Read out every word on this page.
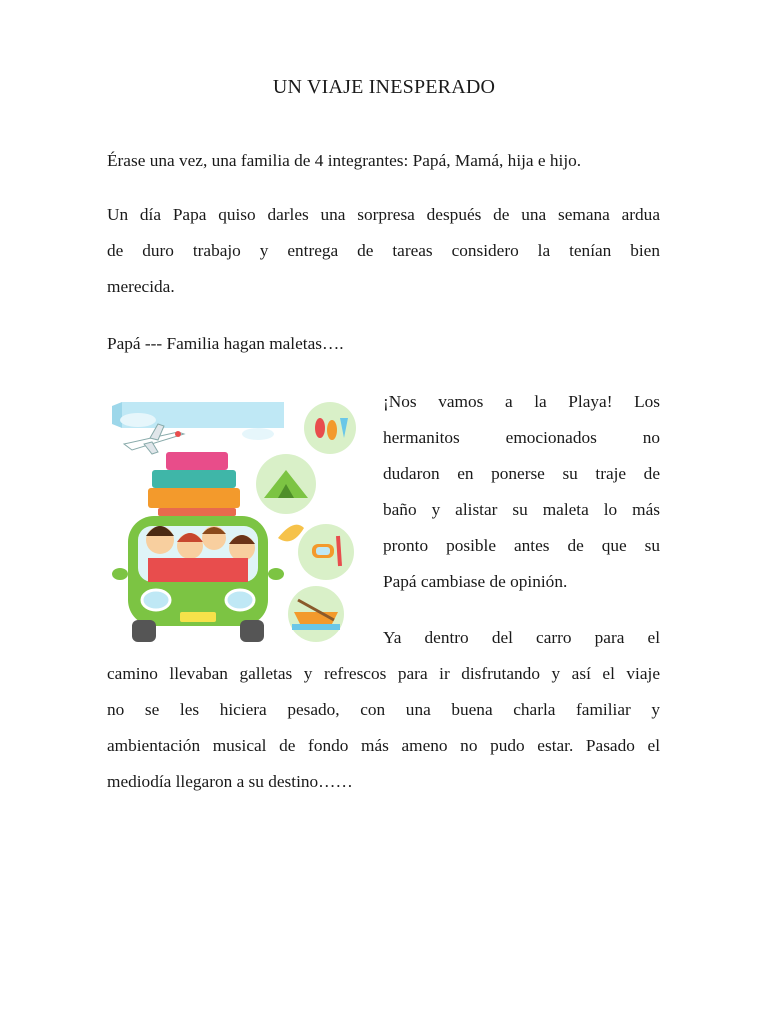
UN VIAJE INESPERADO
Érase una vez, una familia de 4 integrantes: Papá, Mamá, hija e hijo.
Un día Papa quiso darles una sorpresa después de una semana ardua
de duro trabajo y entrega de tareas considero la tenían bien
merecida.
Papá --- Familia hagan maletas….
¡Nos vamos a la Playa! Los
hermanitos emocionados no
dudaron en ponerse su traje de
baño y alistar su maleta lo más
pronto posible antes de que su
Papá cambiase de opinión.
Ya dentro del carro para el
camino llevaban galletas y refrescos para ir disfrutando y así el viaje
no se les hiciera pesado, con una buena charla familiar y
ambientación musical de fondo más ameno no pudo estar. Pasado el
mediodía llegaron a su destino……
